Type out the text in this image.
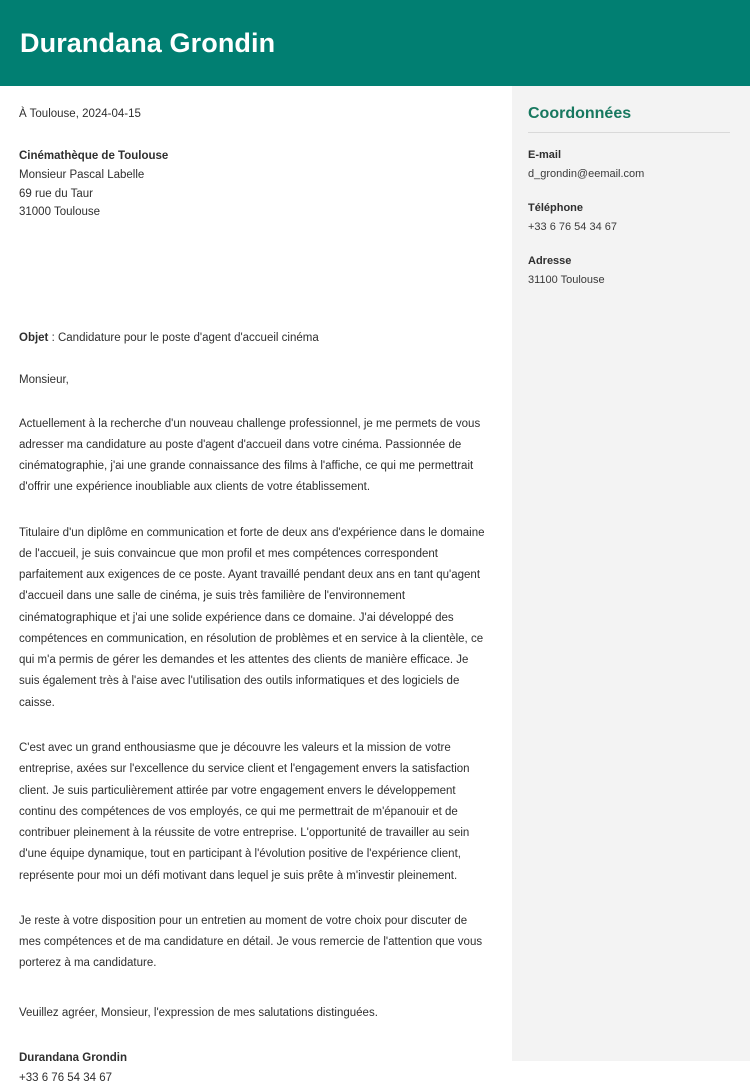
Durandana Grondin
À Toulouse, 2024-04-15
Cinémathèque de Toulouse
Monsieur Pascal Labelle
69 rue du Taur
31000 Toulouse
Objet : Candidature pour le poste d'agent d'accueil cinéma
Monsieur,

Actuellement à la recherche d'un nouveau challenge professionnel, je me permets de vous adresser ma candidature au poste d'agent d'accueil dans votre cinéma. Passionnée de cinématographie, j'ai une grande connaissance des films à l'affiche, ce qui me permettrait d'offrir une expérience inoubliable aux clients de votre établissement.

Titulaire d'un diplôme en communication et forte de deux ans d'expérience dans le domaine de l'accueil, je suis convaincue que mon profil et mes compétences correspondent parfaitement aux exigences de ce poste. Ayant travaillé pendant deux ans en tant qu'agent d'accueil dans une salle de cinéma, je suis très familière de l'environnement cinématographique et j'ai une solide expérience dans ce domaine. J'ai développé des compétences en communication, en résolution de problèmes et en service à la clientèle, ce qui m'a permis de gérer les demandes et les attentes des clients de manière efficace. Je suis également très à l'aise avec l'utilisation des outils informatiques et des logiciels de caisse.

C'est avec un grand enthousiasme que je découvre les valeurs et la mission de votre entreprise, axées sur l'excellence du service client et l'engagement envers la satisfaction client. Je suis particulièrement attirée par votre engagement envers le développement continu des compétences de vos employés, ce qui me permettrait de m'épanouir et de contribuer pleinement à la réussite de votre entreprise. L'opportunité de travailler au sein d'une équipe dynamique, tout en participant à l'évolution positive de l'expérience client, représente pour moi un défi motivant dans lequel je suis prête à m'investir pleinement.

Je reste à votre disposition pour un entretien au moment de votre choix pour discuter de mes compétences et de ma candidature en détail. Je vous remercie de l'attention que vous porterez à ma candidature.

Veuillez agréer, Monsieur, l'expression de mes salutations distinguées.
Durandana Grondin
+33 6 76 54 34 67
Coordonnées
E-mail
d_grondin@eemail.com
Téléphone
+33 6 76 54 34 67
Adresse
31100 Toulouse
